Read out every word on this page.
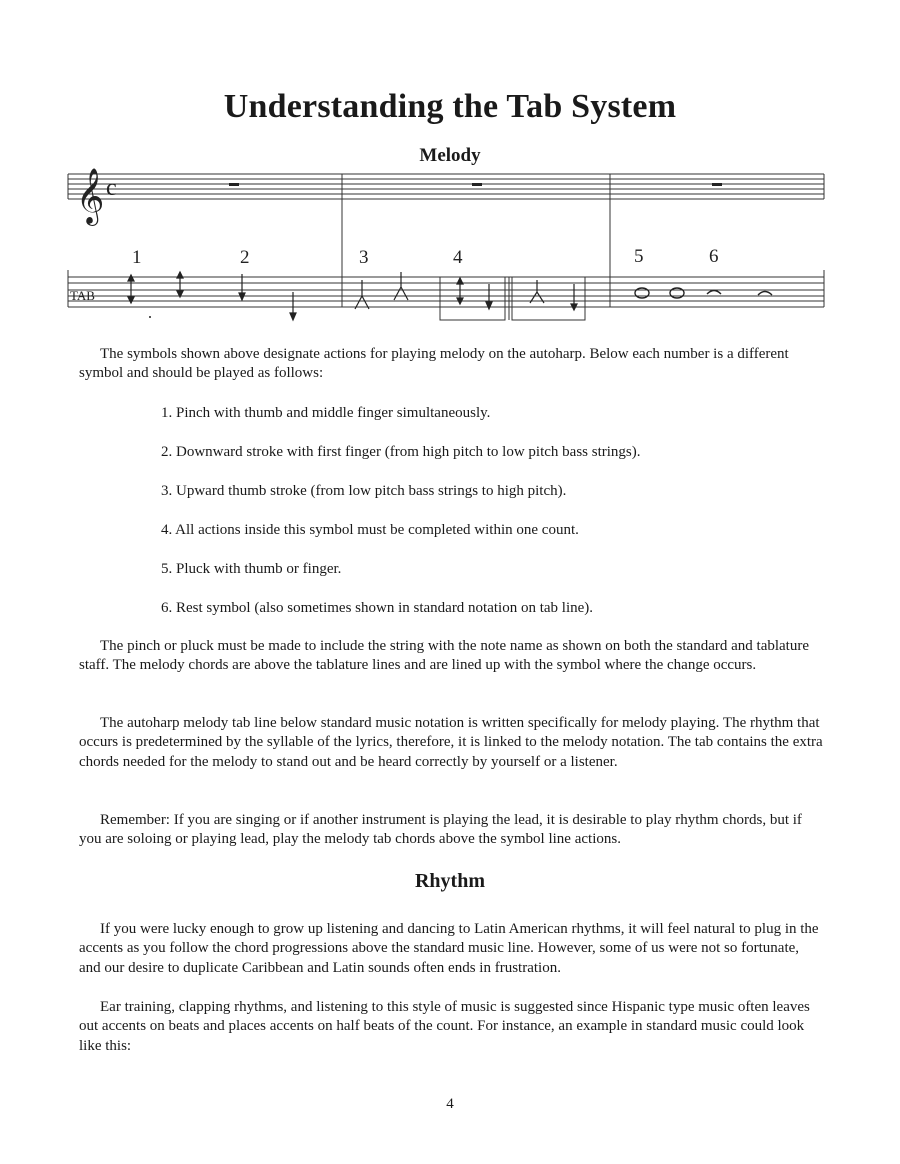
Understanding the Tab System
Melody
𝄞 c
1	2	3	4	5	6
TAB

The symbols shown above designate actions for playing melody on the autoharp. Below each number is a different symbol and should be played as follows:

1. Pinch with thumb and middle finger simultaneously.
2. Downward stroke with first finger (from high pitch to low pitch bass strings).
3. Upward thumb stroke (from low pitch bass strings to high pitch).
4. All actions inside this symbol must be completed within one count.
5. Pluck with thumb or finger.
6. Rest symbol (also sometimes shown in standard notation on tab line).

The pinch or pluck must be made to include the string with the note name as shown on both the standard and tablature staff. The melody chords are above the tablature lines and are lined up with the symbol where the change occurs.

The autoharp melody tab line below standard music notation is written specifically for melody playing. The rhythm that occurs is predetermined by the syllable of the lyrics, therefore, it is linked to the melody notation. The tab contains the extra chords needed for the melody to stand out and be heard correctly by yourself or a listener.

Remember: If you are singing or if another instrument is playing the lead, it is desirable to play rhythm chords, but if you are soloing or playing lead, play the melody tab chords above the symbol line actions.

Rhythm

If you were lucky enough to grow up listening and dancing to Latin American rhythms, it will feel natural to plug in the accents as you follow the chord progressions above the standard music line. However, some of us were not so fortunate, and our desire to duplicate Caribbean and Latin sounds often ends in frustration.

Ear training, clapping rhythms, and listening to this style of music is suggested since Hispanic type music often leaves out accents on beats and places accents on half beats of the count. For instance, an example in standard music could look like this:

4
